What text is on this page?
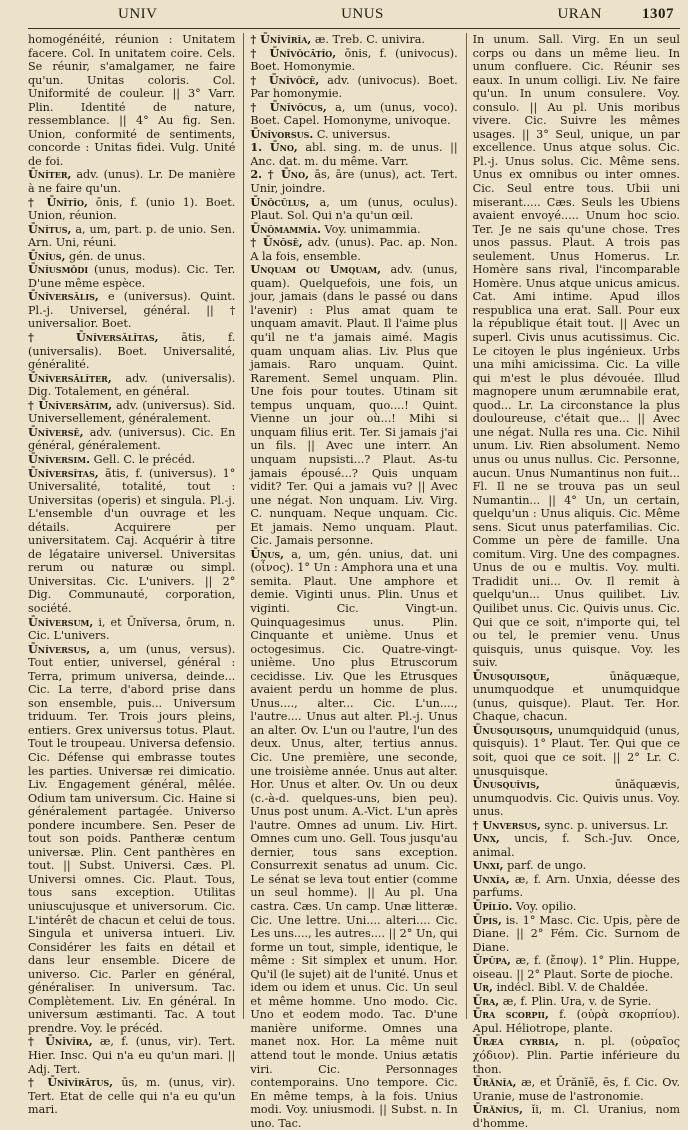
UNIV	UNUS	URAN	1307

homogénéité, réunion : Unitatem facere. Col. In unitatem coire. Cels. Se réunir, s'amalgamer, ne faire qu'un. Unitas coloris. Col. Uniformité de couleur. || 3° Varr. Plin. Identité de nature, ressemblance. || 4° Au fig. Sen. Union, conformité de sentiments, concorde : Unitas fidei. Vulg. Unité de foi.

Ūnĭter, adv. (unus). Lr. De manière à ne faire qu'un.

† Ūnĭtĭo, ōnis, f. (unio 1). Boet. Union, réunion.

Ūnĭtus, a, um, part. p. de unio. Sen. Arn. Uni, réuni.

Ūnĭus, gén. de unus.

Ūnĭusmŏdi (unus, modus). Cic. Ter. D'une même espèce.

Ūnĭversālis, e (universus). Quint. Pl.-j. Universel, général. || † universalior. Boet.

† Ūnĭversālĭtas, ātis, f. (universalis). Boet. Universalité, généralité.

Ūnĭversālĭter, adv. (universalis). Dig. Totalement, en général.

† Ūnĭversātim, adv. (universus). Sid. Universellement, généralement.

Ūnĭversē, adv. (universus). Cic. En général, généralement.

Ūnĭversim. Gell. C. le précéd.

Ūnĭversĭtas, ātis, f. (universus). 1° Universalité, totalité, tout : Universitas (operis) et singula. Pl.-j. L'ensemble d'un ouvrage et les détails. Acquirere per universitatem. Caj. Acquérir à titre de légataire universel. Universitas rerum ou naturæ ou simpl. Universitas. Cic. L'univers. || 2° Dig. Communauté, corporation, société.

Ūnĭversum, i, et Ūnĭversa, ōrum, n. Cic. L'univers.

Ūnĭversus, a, um (unus, versus). Tout entier, universel, général : Terra, primum universa, deinde... Cic. La terre, d'abord prise dans son ensemble, puis... Universum triduum. Ter. Trois jours pleins, entiers. Grex universus totus. Plaut. Tout le troupeau. Universa defensio. Cic. Défense qui embrasse toutes les parties. Universæ rei dimicatio. Liv. Engagement général, mêlée. Odium tam universum. Cic. Haine si généralement partagée. Universo pondere incumbere. Sen. Peser de tout son poids. Pantheræ centum universæ. Plin. Cent panthères en tout. || Subst. Universi. Cæs. Pl. Universi omnes. Cic. Plaut. Tous, tous sans exception. Utilitas uniuscujusque et universorum. Cic. L'intérêt de chacun et celui de tous. Singula et universa intueri. Liv. Considérer les faits en détail et dans leur ensemble. Dicere de universo. Cic. Parler en général, généraliser. In universum. Tac. Complètement. Liv. En général. In universum æstimanti. Tac. A tout prendre. Voy. le précéd.

† Ūnĭvĭra, æ, f. (unus, vir). Tert. Hier. Insc. Qui n'a eu qu'un mari. || Adj. Tert.

† Ūnĭvĭrātus, ūs, m. (unus, vir). Tert. Etat de celle qui n'a eu qu'un mari.

† Ūnĭvĭrĭa, æ. Treb. C. univira.

† Ūnĭvŏcātĭo, ōnis, f. (univocus). Boet. Homonymie.

† Ūnĭvŏcē, adv. (univocus). Boet. Par homonymie.

† Ūnĭvŏcus, a, um (unus, voco). Boet. Capel. Homonyme, univoque.

Ūnĭvorsus. C. universus.

1. Ūno, abl. sing. m. de unus. || Anc. dat. m. du même. Varr.

2. † Ūno, ās, āre (unus), act. Tert. Unir, joindre.

Ūnŏcŭlus, a, um (unus, oculus). Plaut. Sol. Qui n'a qu'un œil.

Ūnŏmammĭa. Voy. unimammia.

† Ūnōsē, adv. (unus). Pac. ap. Non. A la fois, ensemble.

Unquam ou Umquam, adv. (unus, quam). Quelquefois, une fois, un jour, jamais (dans le passé ou dans l'avenir) : Plus amat quam te unquam amavit. Plaut. Il l'aime plus qu'il ne t'a jamais aimé. Magis quam unquam alias. Liv. Plus que jamais. Raro unquam. Quint. Rarement. Semel unquam. Plin. Une fois pour toutes. Utinam sit tempus unquam, quo....! Quint. Vienne un jour où...! Mihi si unquam filius erit. Ter. Si jamais j'ai un fils. || Avec une interr. An unquam nupsisti...? Plaut. As-tu jamais épousé...? Quis unquam vidit? Ter. Qui a jamais vu? || Avec une négat. Non unquam. Liv. Virg. C. nunquam. Neque unquam. Cic. Et jamais. Nemo unquam. Plaut. Cic. Jamais personne.

Ūnus, a, um, gén. unius, dat. uni (οἶνος). 1° Un : Amphora una et una semita. Plaut. Une amphore et demie. Viginti unus. Plin. Unus et viginti. Cic. Vingt-un. Quinquagesimus unus. Plin. Cinquante et unième. Unus et octogesimus. Cic. Quatre-vingt-unième. Uno plus Etruscorum cecidisse. Liv. Que les Etrusques avaient perdu un homme de plus. Unus...., alter... Cic. L'un...., l'autre.... Unus aut alter. Pl.-j. Unus an alter. Ov. L'un ou l'autre, l'un des deux. Unus, alter, tertius annus. Cic. Une première, une seconde, une troisième année. Unus aut alter. Hor. Unus et alter. Ov. Un ou deux (c.-à-d. quelques-uns, bien peu). Unus post unum. A.-Vict. L'un après l'autre. Omnes ad unum. Liv. Hirt. Omnes cum uno. Gell. Tous jusqu'au dernier, tous sans exception. Consurrexit senatus ad unum. Cic. Le sénat se leva tout entier (comme un seul homme). || Au pl. Una castra. Cæs. Un camp. Unæ litteræ. Cic. Une lettre. Uni.... alteri.... Cic. Les uns...., les autres.... || 2° Un, qui forme un tout, simple, identique, le même : Sit simplex et unum. Hor. Qu'il (le sujet) ait de l'unité. Unus et idem ou idem et unus. Cic. Un seul et même homme. Uno modo. Cic. Uno et eodem modo. Tac. D'une manière uniforme. Omnes una manet nox. Hor. La même nuit attend tout le monde. Unius ætatis viri. Cic. Personnages contemporains. Uno tempore. Cic. En même temps, à la fois. Unius modi. Voy. uniusmodi. || Subst. n. In uno. Tac.

In unum. Sall. Virg. En un seul corps ou dans un même lieu. In unum confluere. Cic. Réunir ses eaux. In unum colligi. Liv. Ne faire qu'un. In unum consulere. Voy. consulo. || Au pl. Unis moribus vivere. Cic. Suivre les mêmes usages. || 3° Seul, unique, un par excellence. Unus atque solus. Cic. Pl.-j. Unus solus. Cic. Même sens. Unus ex omnibus ou inter omnes. Cic. Seul entre tous. Ubii uni miserant..... Cæs. Seuls les Ubiens avaient envoyé..... Unum hoc scio. Ter. Je ne sais qu'une chose. Tres unos passus. Plaut. A trois pas seulement. Unus Homerus. Lr. Homère sans rival, l'incomparable Homère. Unus atque unicus amicus. Cat. Ami intime. Apud illos respublica una erat. Sall. Pour eux la république était tout. || Avec un superl. Civis unus acutissimus. Cic. Le citoyen le plus ingénieux. Urbs una mihi amicissima. Cic. La ville qui m'est le plus dévouée. Illud magnopere unum ærumnabile erat, quod... Lr. La circonstance la plus douloureuse, c'était que... || Avec une négat. Nulla res una. Cic. Nihil unum. Liv. Rien absolument. Nemo unus ou unus nullus. Cic. Personne, aucun. Unus Numantinus non fuit... Fl. Il ne se trouva pas un seul Numantin... || 4° Un, un certain, quelqu'un : Unus aliquis. Cic. Même sens. Sicut unus paterfamilias. Cic. Comme un père de famille. Una comitum. Virg. Une des compagnes. Unus de ou e multis. Voy. multi. Tradidit uni... Ov. Il remit à quelqu'un... Unus quilibet. Liv. Quilibet unus. Cic. Quivis unus. Cic. Qui que ce soit, n'importe qui, tel ou tel, le premier venu. Unus quisquis, unus quisque. Voy. les suiv.

Ūnusquisque,	ūnăquæque, unumquodque et unumquidque (unus, quisque). Plaut. Ter. Hor. Chaque, chacun.

Ūnusquisquis, unumquidquid (unus, quisquis). 1° Plaut. Ter. Qui que ce soit, quoi que ce soit. || 2° Lr. C. unusquisque.

Ūnusquĭvis,	ūnăquævis, unumquodvis. Cic. Quivis unus. Voy. unus.

† Unversus, sync. p. universus. Lr.

Unx, uncis, f. Sch.-Juv. Once, animal.

Unxi, parf. de ungo.

Unxĭa, æ, f. Arn. Unxia, déesse des parfums.

Ūpĭlĭo. Voy. opilio.

Ūpis, is. 1° Masc. Cic. Upis, père de Diane. || 2° Fém. Cic. Surnom de Diane.

Ŭpŭpa, æ, f. (ἔποψ). 1° Plin. Huppe, oiseau. || 2° Plaut. Sorte de pioche.

Ur, indécl. Bibl. V. de Chaldée.

Ūra, æ, f. Plin. Ura, v. de Syrie.

Ūra scorpii, f. (οὐρὰ σκορπίου). Apul. Héliotrope, plante.

Ūræa cyrbia, n. pl. (οὐραῖος χόδιον). Plin. Partie inférieure du thon.

Ūrănĭa, æ, et Ūrănĭē, ēs, f. Cic. Ov. Uranie, muse de l'astronomie.

Ūrănĭus, ĭi, m. Cl. Uranius, nom d'homme.
